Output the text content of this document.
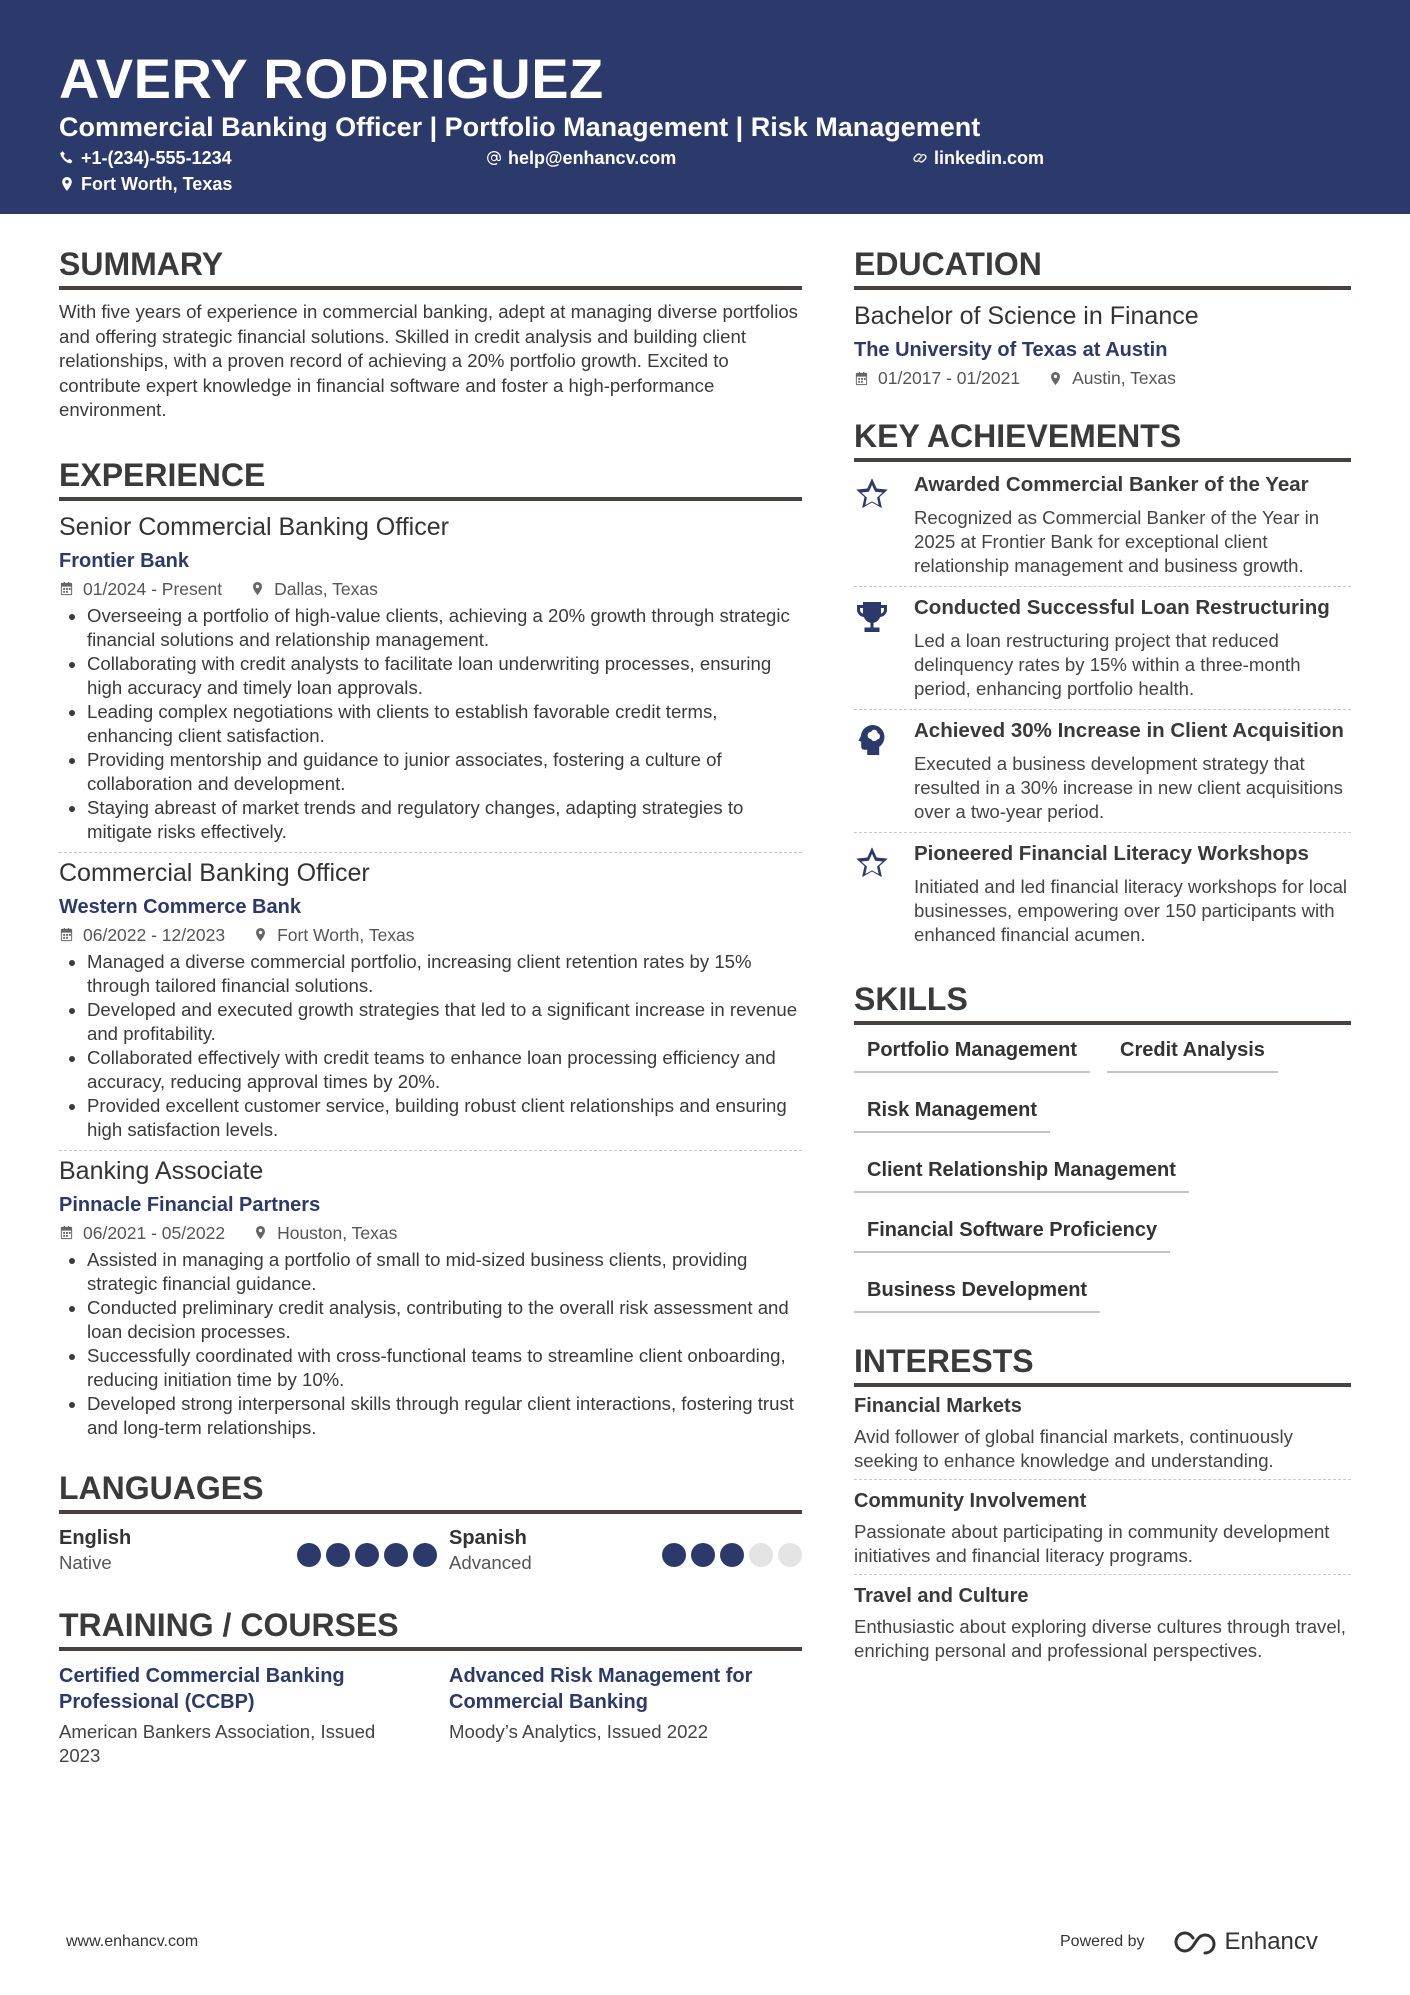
AVERY RODRIGUEZ
Commercial Banking Officer | Portfolio Management | Risk Management
+1-(234)-555-1234	help@enhancv.com	linkedin.com
Fort Worth, Texas
SUMMARY
With five years of experience in commercial banking, adept at managing diverse portfolios and offering strategic financial solutions. Skilled in credit analysis and building client relationships, with a proven record of achieving a 20% portfolio growth. Excited to contribute expert knowledge in financial software and foster a high-performance environment.
EXPERIENCE
Senior Commercial Banking Officer
Frontier Bank
01/2024 - Present	Dallas, Texas
• Overseeing a portfolio of high-value clients, achieving a 20% growth through strategic financial solutions and relationship management.
• Collaborating with credit analysts to facilitate loan underwriting processes, ensuring high accuracy and timely loan approvals.
• Leading complex negotiations with clients to establish favorable credit terms, enhancing client satisfaction.
• Providing mentorship and guidance to junior associates, fostering a culture of collaboration and development.
• Staying abreast of market trends and regulatory changes, adapting strategies to mitigate risks effectively.
Commercial Banking Officer
Western Commerce Bank
06/2022 - 12/2023	Fort Worth, Texas
• Managed a diverse commercial portfolio, increasing client retention rates by 15% through tailored financial solutions.
• Developed and executed growth strategies that led to a significant increase in revenue and profitability.
• Collaborated effectively with credit teams to enhance loan processing efficiency and accuracy, reducing approval times by 20%.
• Provided excellent customer service, building robust client relationships and ensuring high satisfaction levels.
Banking Associate
Pinnacle Financial Partners
06/2021 - 05/2022	Houston, Texas
• Assisted in managing a portfolio of small to mid-sized business clients, providing strategic financial guidance.
• Conducted preliminary credit analysis, contributing to the overall risk assessment and loan decision processes.
• Successfully coordinated with cross-functional teams to streamline client onboarding, reducing initiation time by 10%.
• Developed strong interpersonal skills through regular client interactions, fostering trust and long-term relationships.
LANGUAGES
English
Native
Spanish
Advanced
TRAINING / COURSES
Certified Commercial Banking Professional (CCBP)
American Bankers Association, Issued 2023
Advanced Risk Management for Commercial Banking
Moody’s Analytics, Issued 2022
EDUCATION
Bachelor of Science in Finance
The University of Texas at Austin
01/2017 - 01/2021	Austin, Texas
KEY ACHIEVEMENTS
Awarded Commercial Banker of the Year
Recognized as Commercial Banker of the Year in 2025 at Frontier Bank for exceptional client relationship management and business growth.
Conducted Successful Loan Restructuring
Led a loan restructuring project that reduced delinquency rates by 15% within a three-month period, enhancing portfolio health.
Achieved 30% Increase in Client Acquisition
Executed a business development strategy that resulted in a 30% increase in new client acquisitions over a two-year period.
Pioneered Financial Literacy Workshops
Initiated and led financial literacy workshops for local businesses, empowering over 150 participants with enhanced financial acumen.
SKILLS
Portfolio Management	Credit Analysis
Risk Management
Client Relationship Management
Financial Software Proficiency
Business Development
INTERESTS
Financial Markets
Avid follower of global financial markets, continuously seeking to enhance knowledge and understanding.
Community Involvement
Passionate about participating in community development initiatives and financial literacy programs.
Travel and Culture
Enthusiastic about exploring diverse cultures through travel, enriching personal and professional perspectives.
www.enhancv.com	Powered by	Enhancv
